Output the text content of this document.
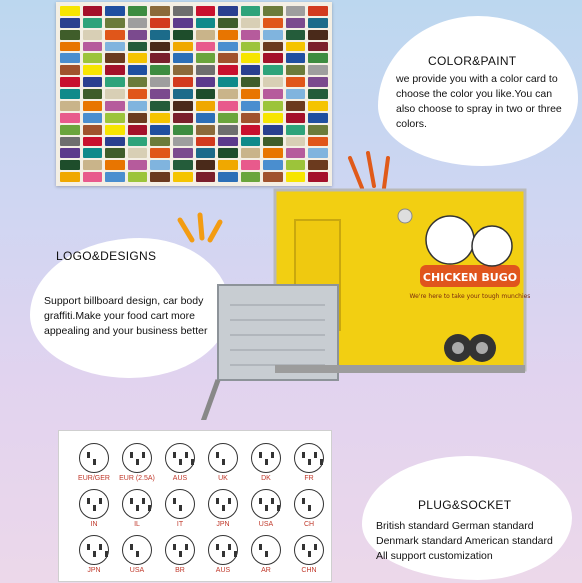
COLOR&PAINT
we provide you with a color card to choose the color you like.You can also choose to spray in two or three colors.
LOGO&DESIGNS
Support billboard design, car body graffiti.Make your food cart more appealing and your business better
CHICKEN BUGO
We're here to take your tough munchies
EUR/GER	EUR (2.5A)	AUS	UK	DK	FR
IN	IL	IT	JPN	USA	CH
JPN	USA	BR	AUS	AR	CHN
PLUG&SOCKET
British standard German standard Denmark standard American standard All support customization
